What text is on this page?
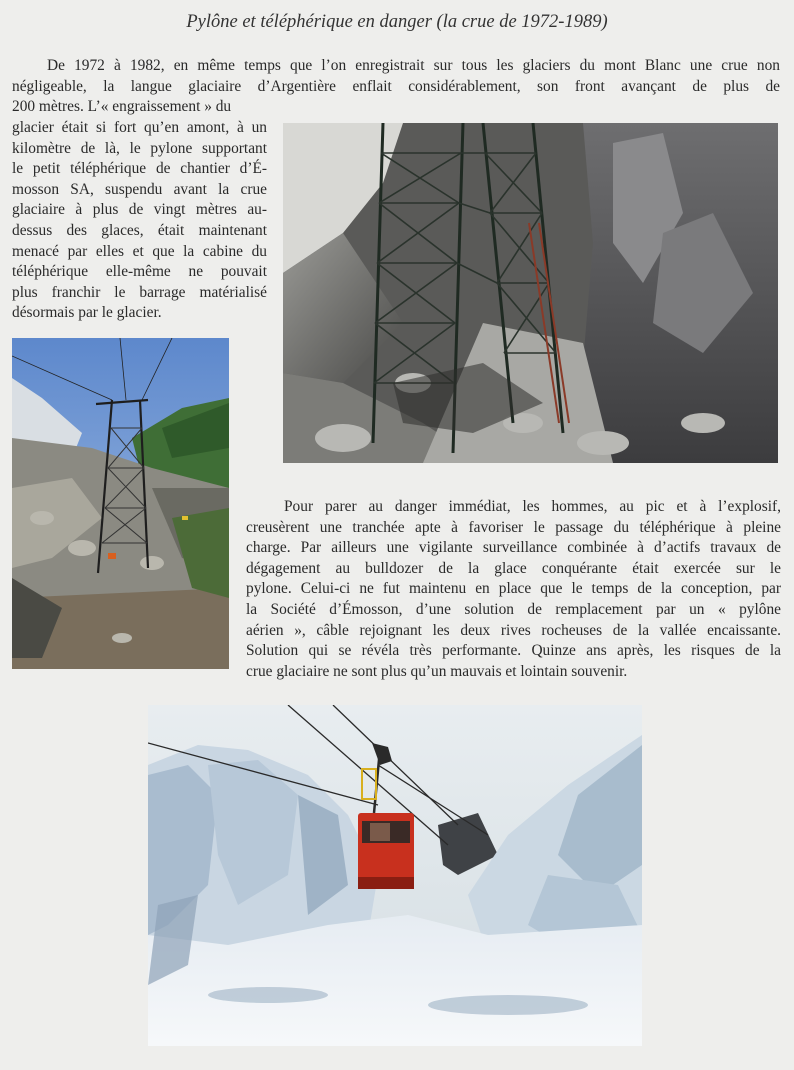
Pylône et téléphérique en danger (la crue de 1972-1989)

De 1972 à 1982, en même temps que l’on enregistrait sur tous les glaciers du mont Blanc une crue non
négligeable, la langue glaciaire d’Argentière enflait considérablement, son front avançant de plus de
200 mètres. L’« engraissement » du

glacier était si fort qu’en amont, à un
kilomètre de là, le pylone supportant
le petit téléphérique de chantier d’É-
mosson SA, suspendu avant la crue
glaciaire à plus de vingt mètres au-
dessus des glaces, était maintenant
menacé par elles et que la cabine du
téléphérique elle-même ne pouvait
plus franchir le barrage matérialisé
désormais par le glacier.

Pour parer au danger immédiat, les hommes, au pic et à l’explosif,
creusèrent une tranchée apte à favoriser le passage du téléphérique à pleine
charge. Par ailleurs une vigilante surveillance combinée à d’actifs travaux de
dégagement au bulldozer de la glace conquérante était exercée sur le
pylone. Celui-ci ne fut maintenu en place que le temps de la conception, par
la Société d’Émosson, d’une solution de remplacement par un « pylône
aérien », câble rejoignant les deux rives rocheuses de la vallée encaissante.
Solution qui se révéla très performante. Quinze ans après, les risques de la
crue glaciaire ne sont plus qu’un mauvais et lointain souvenir.
